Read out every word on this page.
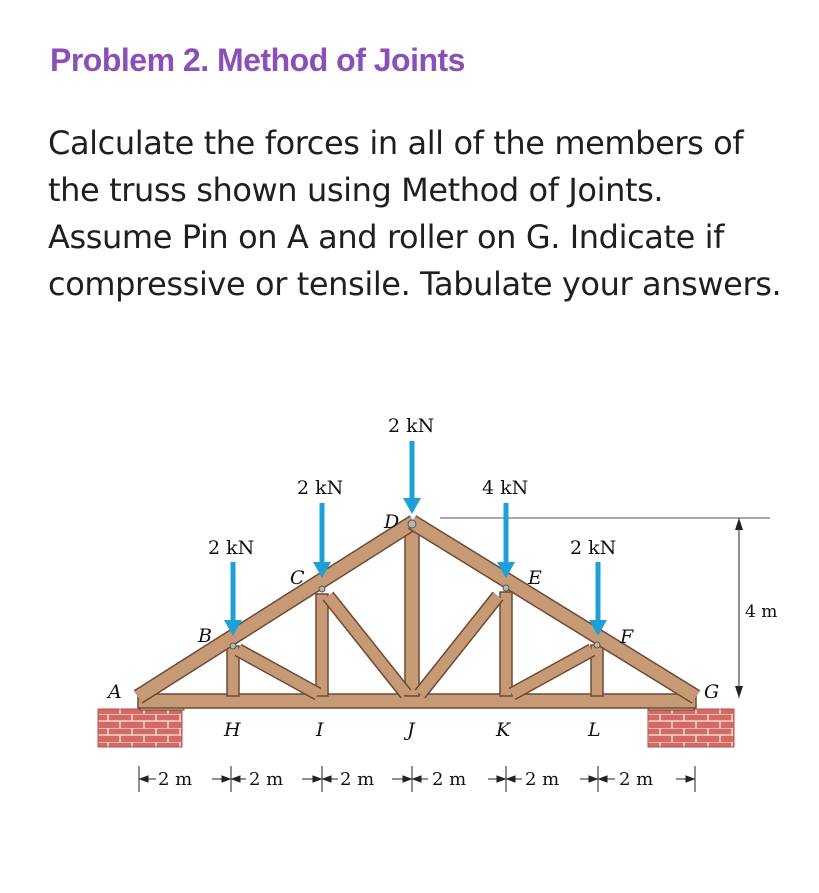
Problem 2. Method of Joints
Calculate the forces in all of the members of the truss shown using Method of Joints. Assume Pin on A and roller on G. Indicate if compressive or tensile. Tabulate your answers.
2 kN
2 kN
2 kN
4 kN
2 kN
A
B
C
D
E
F
G
H	I	J	K	L
4 m
2 m	2 m	2 m	2 m	2 m	2 m
